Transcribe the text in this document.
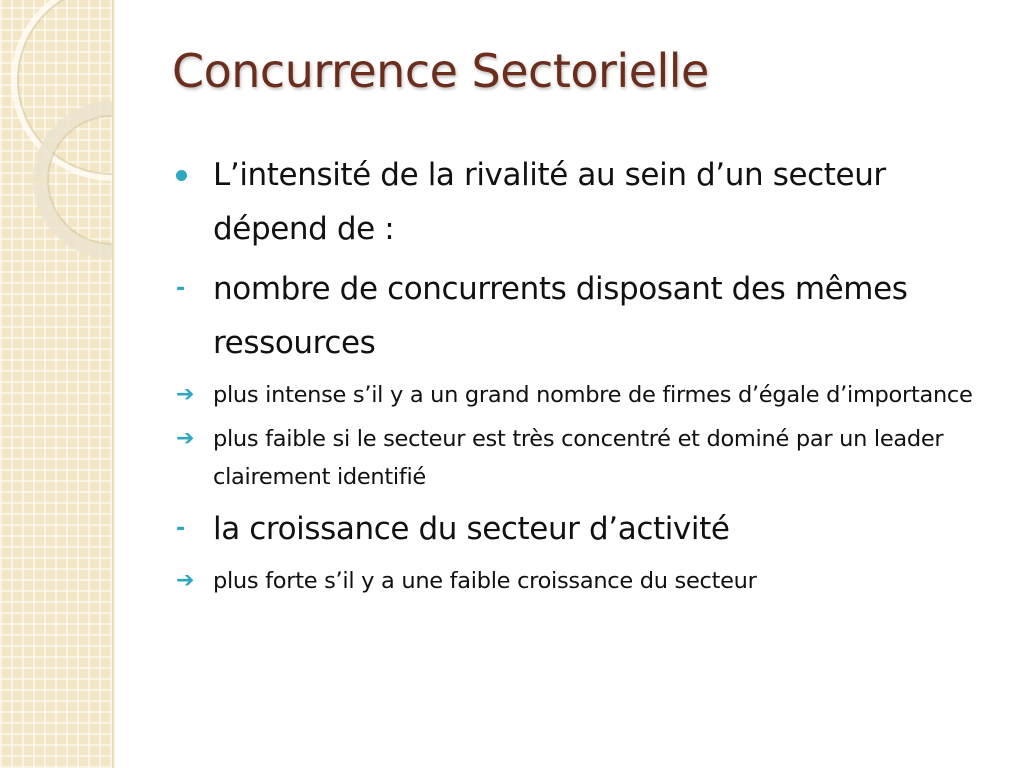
Concurrence Sectorielle
L’intensité de la rivalité au sein d’un secteur dépend de :
- nombre de concurrents disposant des mêmes ressources
➔ plus intense s’il y a un grand nombre de firmes d’égale d’importance
➔ plus faible si le secteur est très concentré et dominé par un leader clairement identifié
- la croissance du secteur d’activité
➔ plus forte s’il y a une faible croissance du secteur
